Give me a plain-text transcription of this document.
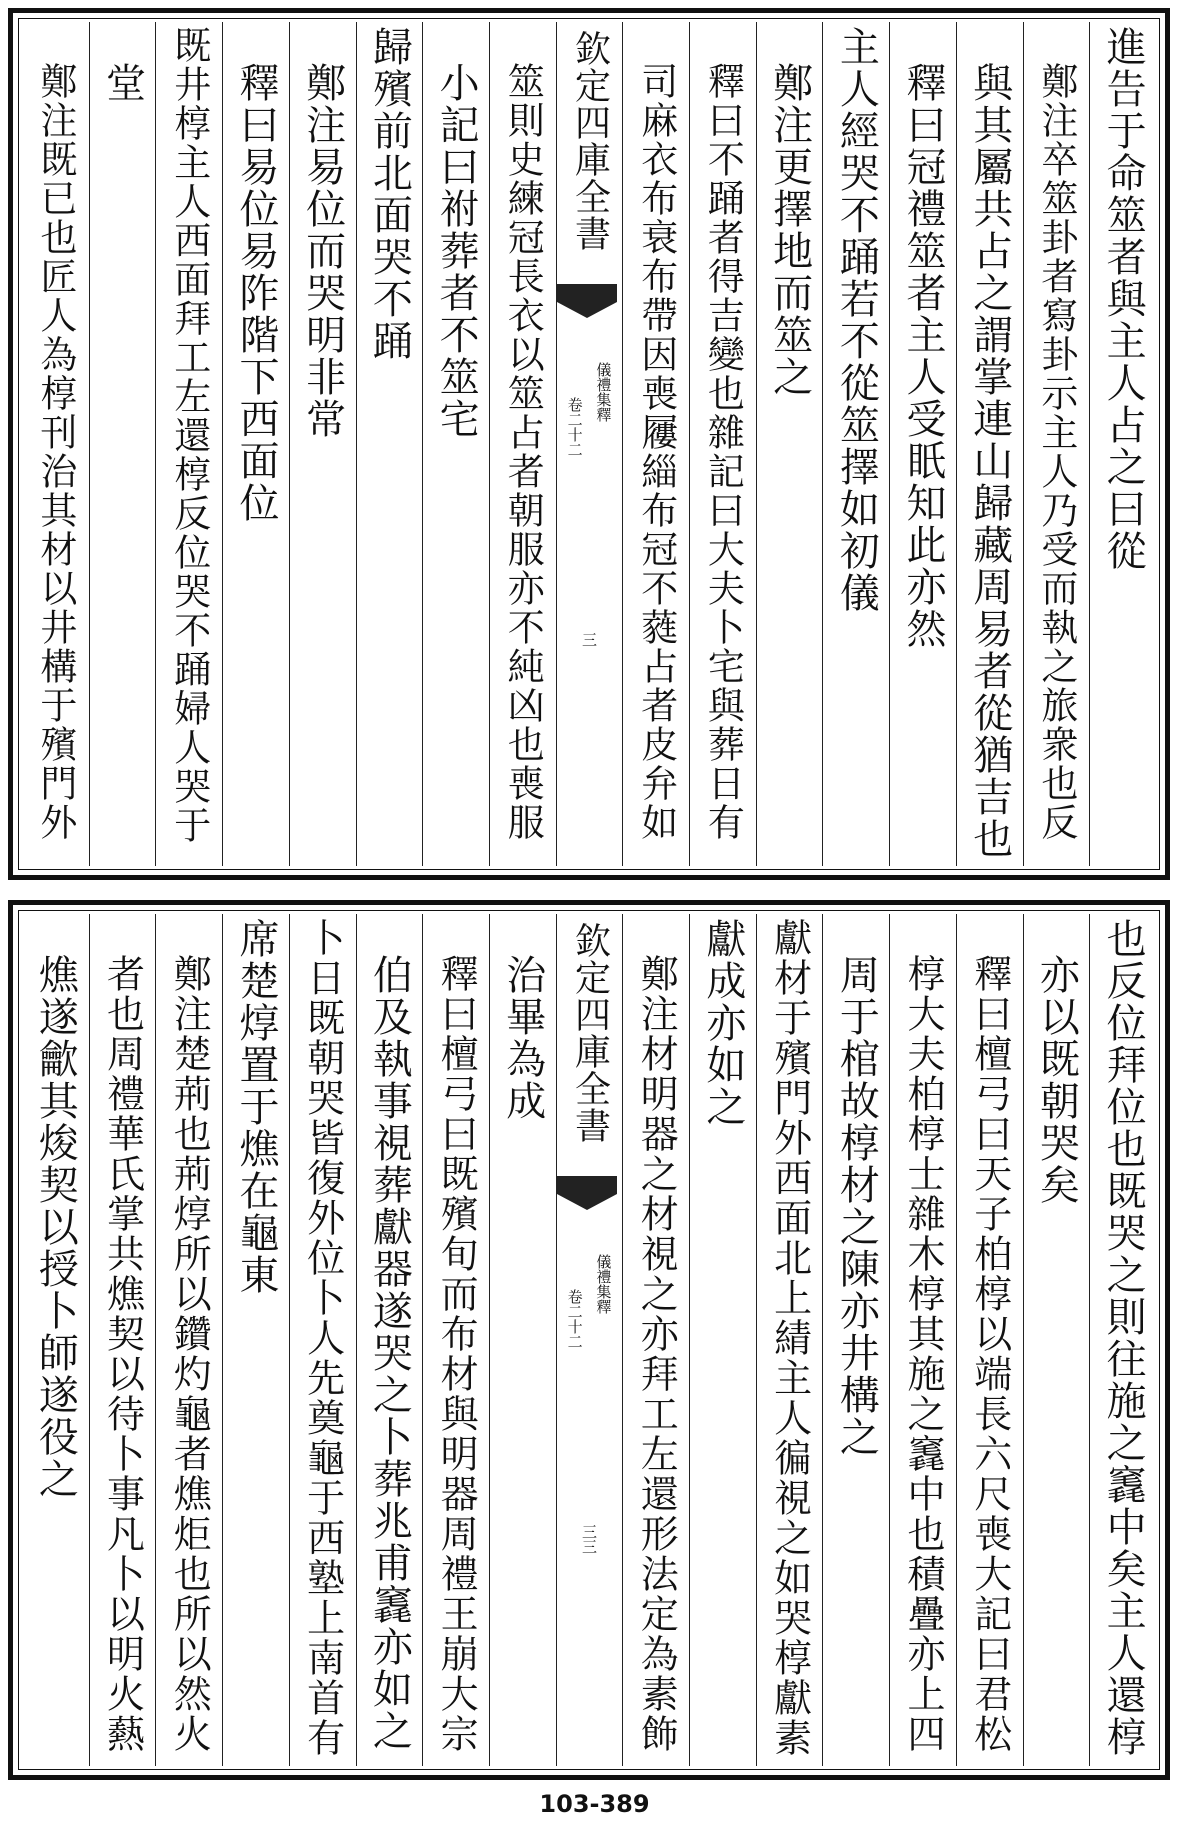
進告于命筮者與主人占之曰從
鄭注卒筮卦者寫卦示主人乃受而執之旅衆也反
與其屬共占之謂掌連山歸藏周易者從猶吉也
釋曰冠禮筮者主人受眂知此亦然
主人經哭不踊若不從筮擇如初儀
鄭注更擇地而筮之
釋曰不踊者得吉變也雜記曰大夫卜宅與葬日有
司麻衣布衰布帶因喪屨緇布冠不蕤占者皮弁如
欽定四庫全書
儀禮集釋
卷二十二
三
筮則史練冠長衣以筮占者朝服亦不純凶也喪服
小記曰祔葬者不筮宅
歸殯前北面哭不踊
鄭注易位而哭明非常
釋曰易位易阼階下西面位
既井椁主人西面拜工左還椁反位哭不踊婦人哭于
堂
鄭注既已也匠人為椁刊治其材以井構于殯門外
也反位拜位也既哭之則往施之竁中矣主人還椁
亦以既朝哭矣
釋曰檀弓曰天子柏椁以端長六尺喪大記曰君松
椁大夫柏椁士雜木椁其施之竁中也積疊亦上四
周于棺故椁材之陳亦井構之
獻材于殯門外西面北上綪主人徧視之如哭椁獻素
獻成亦如之
鄭注材明器之材視之亦拜工左還形法定為素飾
欽定四庫全書
儀禮集釋
卷二十二
三三
治畢為成
釋曰檀弓曰既殯旬而布材與明器周禮王崩大宗
伯及執事視葬獻器遂哭之卜葬兆甫竁亦如之
卜日既朝哭皆復外位卜人先奠龜于西塾上南首有
席楚焞置于燋在龜東
鄭注楚荊也荊焞所以鑽灼龜者燋炬也所以然火
者也周禮華氏掌共燋契以待卜事凡卜以明火爇
燋遂龡其焌契以授卜師遂役之
103-389
